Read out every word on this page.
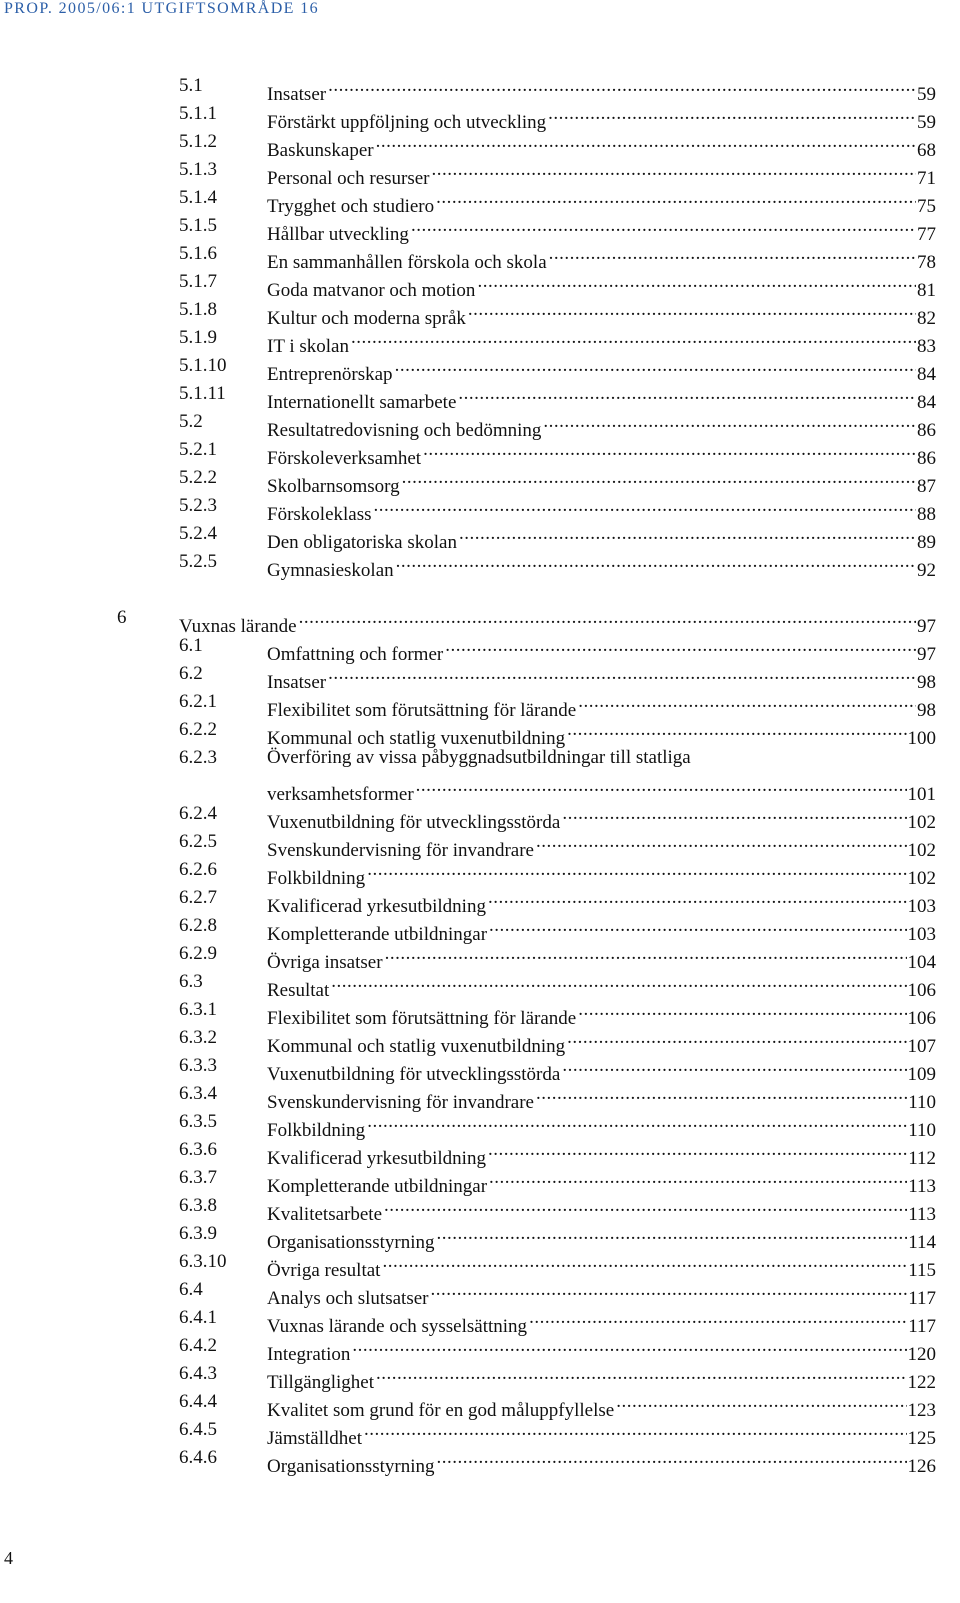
PROP. 2005/06:1 UTGIFTSOMRÅDE 16
5.1	Insatser .....	59
5.1.1	Förstärkt uppföljning och utveckling .....	59
5.1.2	Baskunskaper .....	68
5.1.3	Personal och resurser .....	71
5.1.4	Trygghet och studiero .....	75
5.1.5	Hållbar utveckling .....	77
5.1.6	En sammanhållen förskola och skola .....	78
5.1.7	Goda matvanor och motion .....	81
5.1.8	Kultur och moderna språk .....	82
5.1.9	IT i skolan .....	83
5.1.10 Entreprenörskap .....	84
5.1.11 Internationellt samarbete .....	84
5.2	Resultatredovisning och bedömning .....	86
5.2.1	Förskoleverksamhet .....	86
5.2.2	Skolbarnsomsorg .....	87
5.2.3	Förskoleklass .....	88
5.2.4	Den obligatoriska skolan .....	89
5.2.5	Gymnasieskolan .....	92
6	Vuxnas lärande .....	97
6.1	Omfattning och former .....	97
6.2	Insatser .....	98
6.2.1	Flexibilitet som förutsättning för lärande .....	98
6.2.2	Kommunal och statlig vuxenutbildning .....	100
6.2.3	Överföring av vissa påbyggnadsutbildningar till statliga
verksamhetsformer .....	101
6.2.4	Vuxenutbildning för utvecklingsstörda .....	102
6.2.5	Svenskundervisning för invandrare .....	102
6.2.6	Folkbildning .....	102
6.2.7	Kvalificerad yrkesutbildning .....	103
6.2.8	Kompletterande utbildningar .....	103
6.2.9	Övriga insatser .....	104
6.3	Resultat .....	106
6.3.1	Flexibilitet som förutsättning för lärande .....	106
6.3.2	Kommunal och statlig vuxenutbildning .....	107
6.3.3	Vuxenutbildning för utvecklingsstörda .....	109
6.3.4	Svenskundervisning för invandrare .....	110
6.3.5	Folkbildning .....	110
6.3.6	Kvalificerad yrkesutbildning .....	112
6.3.7	Kompletterande utbildningar .....	113
6.3.8	Kvalitetsarbete .....	113
6.3.9	Organisationsstyrning .....	114
6.3.10 Övriga resultat .....	115
6.4	Analys och slutsatser .....	117
6.4.1	Vuxnas lärande och sysselsättning .....	117
6.4.2	Integration .....	120
6.4.3	Tillgänglighet .....	122
6.4.4	Kvalitet som grund för en god måluppfyllelse .....	123
6.4.5	Jämställdhet .....	125
6.4.6	Organisationsstyrning .....	126
4
